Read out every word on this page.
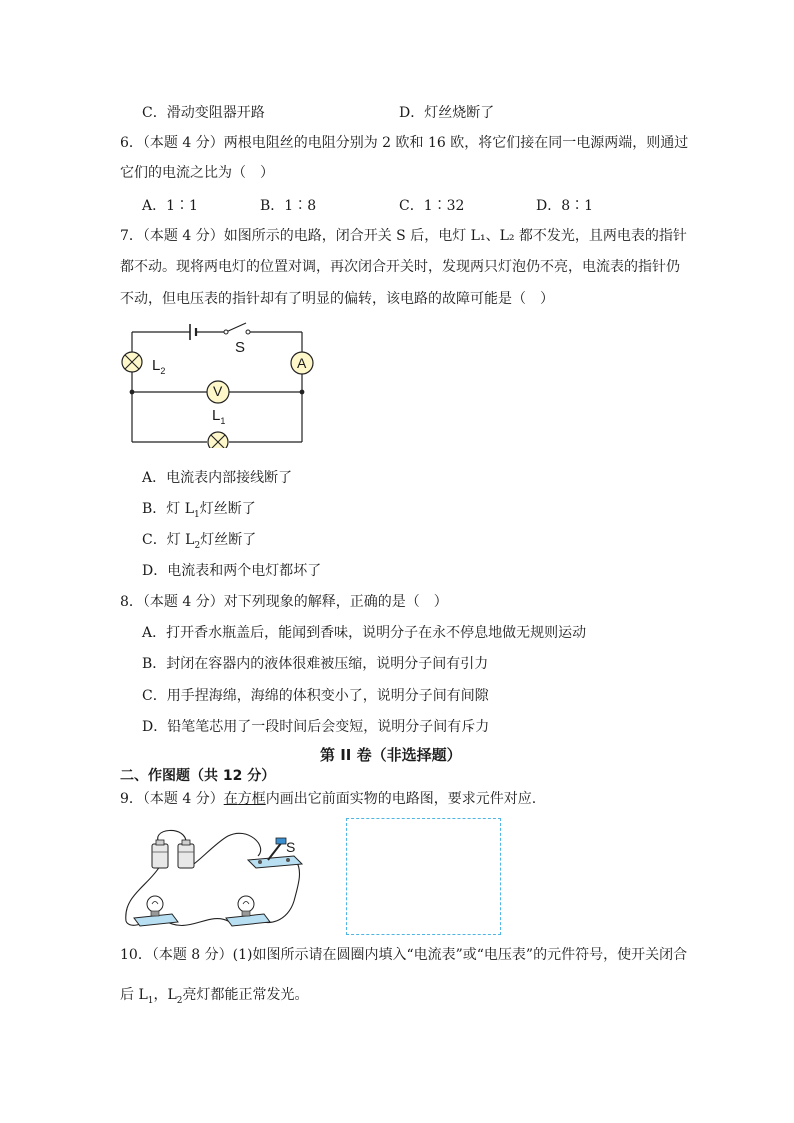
C．滑动变阻器开路	D．灯丝烧断了
6．（本题 4 分）两根电阻丝的电阻分别为 2 欧和 16 欧，将它们接在同一电源两端，则通过
它们的电流之比为（　）
A．1∶1	B．1∶8	C．1∶32	D．8∶1
7．（本题 4 分）如图所示的电路，闭合开关 S 后，电灯 L₁、L₂ 都不发光，且两电表的指针
都不动。现将两电灯的位置对调，再次闭合开关时，发现两只灯泡仍不亮，电流表的指针仍
不动，但电压表的指针却有了明显的偏转，该电路的故障可能是（　）
S
A
V
$L_2$
$L_1$
A．电流表内部接线断了
B．灯 $L_1$灯丝断了
C．灯 $L_2$灯丝断了
D．电流表和两个电灯都坏了
8．（本题 4 分）对下列现象的解释，正确的是（　）
A．打开香水瓶盖后，能闻到香味，说明分子在永不停息地做无规则运动
B．封闭在容器内的液体很难被压缩，说明分子间有引力
C．用手捏海绵，海绵的体积变小了，说明分子间有间隙
D．铅笔笔芯用了一段时间后会变短，说明分子间有斥力
第 II 卷（非选择题）
二、作图题（共 12 分）
9．（本题 4 分）在方框内画出它前面实物的电路图，要求元件对应.
S
10．（本题 8 分）(1)如图所示请在圆圈内填入“电流表”或“电压表”的元件符号，使开关闭合
后 $L_1$，$L_2$亮灯都能正常发光。
